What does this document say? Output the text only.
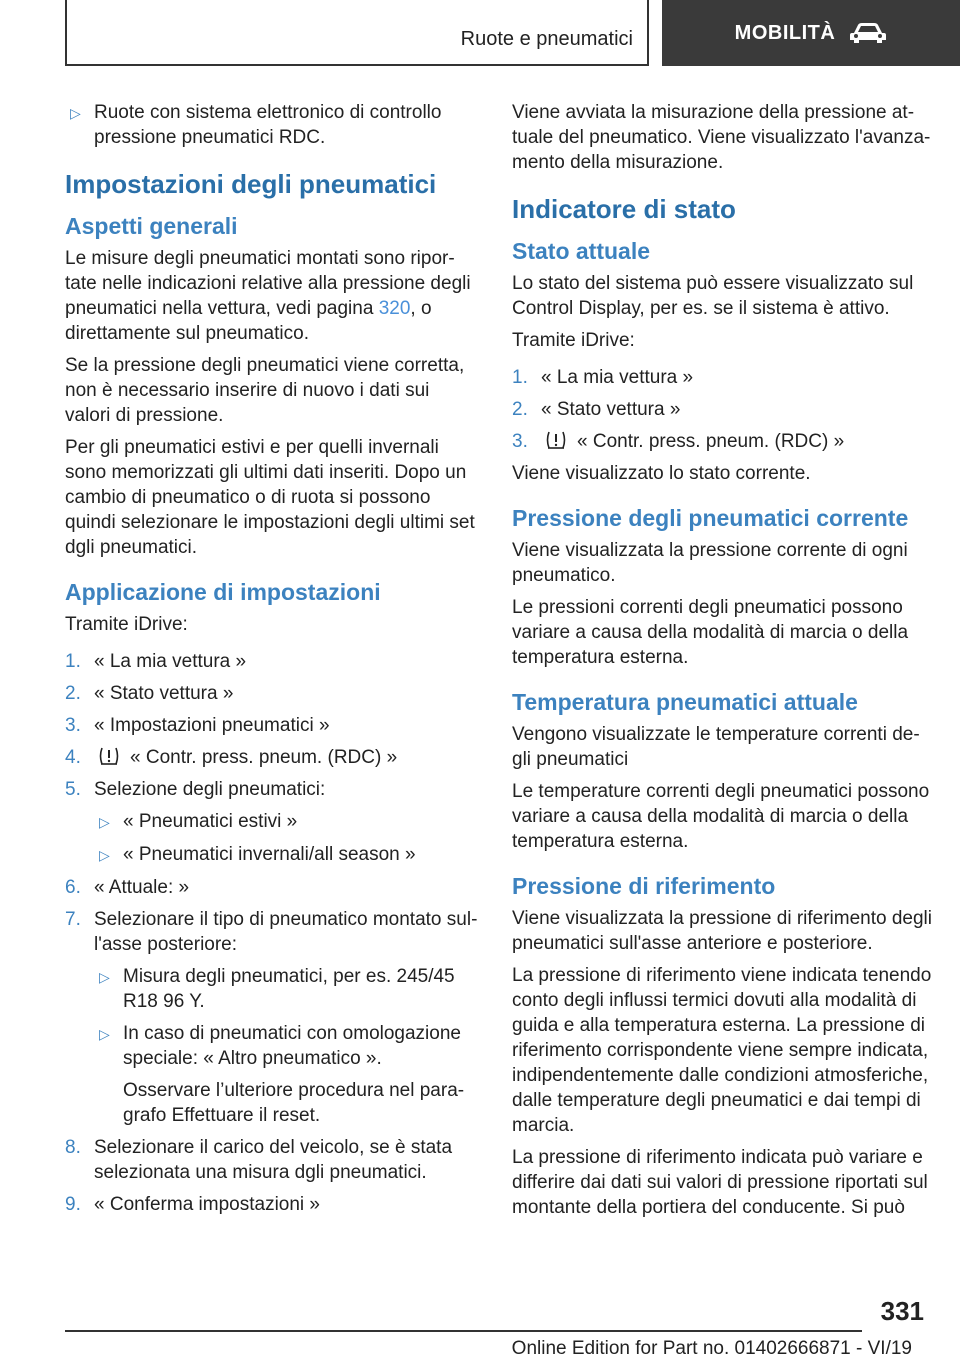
Ruote e pneumatici	MOBILITÀ
▷ Ruote con sistema elettronico di controllo pressione pneumatici RDC.
Impostazioni degli pneumatici
Aspetti generali

Le misure degli pneumatici montati sono riportate nelle indicazioni relative alla pressione degli pneumatici nella vettura, vedi pagina 320, o direttamente sul pneumatico.

Se la pressione degli pneumatici viene corretta, non è necessario inserire di nuovo i dati sui valori di pressione.

Per gli pneumatici estivi e per quelli invernali sono memorizzati gli ultimi dati inseriti. Dopo un cambio di pneumatico o di ruota si possono quindi selezionare le impostazioni degli ultimi set dgli pneumatici.

Applicazione di impostazioni

Tramite iDrive:

1. « La mia vettura »
2. « Stato vettura »
3. « Impostazioni pneumatici »
4.	« Contr. press. pneum. (RDC) »
5. Selezione degli pneumatici:
▷ « Pneumatici estivi »
▷ « Pneumatici invernali/all season »
6. « Attuale: »
7. Selezionare il tipo di pneumatico montato sull'asse posteriore:
▷ Misura degli pneumatici, per es. 245/45 R18 96 Y.
▷ In caso di pneumatici con omologazione speciale: « Altro pneumatico ».

Osservare l’ulteriore procedura nel paragrafo Effettuare il reset.

8. Selezionare il carico del veicolo, se è stata selezionata una misura dgli pneumatici.
9. « Conferma impostazioni »

Viene avviata la misurazione della pressione attuale del pneumatico. Viene visualizzato l'avanzamento della misurazione.

Indicatore di stato
Stato attuale

Lo stato del sistema può essere visualizzato sul Control Display, per es. se il sistema è attivo.

Tramite iDrive:

1. « La mia vettura »
2. « Stato vettura »
3.	« Contr. press. pneum. (RDC) »

Viene visualizzato lo stato corrente.

Pressione degli pneumatici corrente

Viene visualizzata la pressione corrente di ogni pneumatico.

Le pressioni correnti degli pneumatici possono variare a causa della modalità di marcia o della temperatura esterna.

Temperatura pneumatici attuale

Vengono visualizzate le temperature correnti degli pneumatici

Le temperature correnti degli pneumatici possono variare a causa della modalità di marcia o della temperatura esterna.

Pressione di riferimento

Viene visualizzata la pressione di riferimento degli pneumatici sull'asse anteriore e posteriore.

La pressione di riferimento viene indicata tenendo conto degli influssi termici dovuti alla modalità di guida e alla temperatura esterna. La pressione di riferimento corrispondente viene sempre indicata, indipendentemente dalle condizioni atmosferiche, dalle temperature degli pneumatici e dai tempi di marcia.

La pressione di riferimento indicata può variare e differire dai dati sui valori di pressione riportati sul montante della portiera del conducente. Si può

331
Online Edition for Part no. 01402666871 - VI/19
